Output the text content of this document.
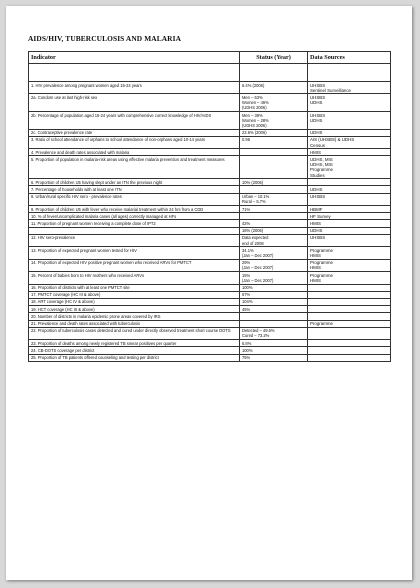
AIDS/HIV, TUBERCULOSIS AND MALARIA
Indicator	Status (Year)	Data Sources

1. HIV prevalence among pregnant women aged 15-24 years	6.4% (2006)	UHSBS
Sentinel Surveillance

2a. Condom use at last high-risk sex	Men – 53%
Women – 46%
(UDHS 2006)	UHSBS
UDHS

2b. Percentage of population aged 15-24 years with comprehensive correct knowledge of HIV/AIDS	Men – 39%
Women – 28%
(UDHS 2006)	UHSBS
UDHS

2c. Contraceptive prevalence rate	23.6% (2006)	UDHS

3. Ratio of school attendance of orphans to school attendance of non-orphans aged 10-14 years	0.96	AIS (UHSBS) & UDHS
Census

4. Prevalence and death rates associated with malaria		HMIS

5. Proportion of population in malaria-risk areas using effective malaria prevention and treatment measures		UDHS, MIS
UDHS, MIS
Programme
Studies

6. Proportion of children U5 having slept under an ITN the previous night	10% (2006)	

7. Percentage of households with at least one ITN		UDHS

8. Urban/rural specific HIV sero - prevalence rates	Urban – 10.1%
Rural – 5.7%	UHSBS

9. Proportion of children U5 with fever who receive malarial treatment within 24 hrs from a CDD	71%	HBMF

10. % of fever/uncomplicated malaria cases (all ages) correctly managed at HFs		HF Survey

11. Proportion of pregnant women receiving a complete dose of IPT2	42%	HMIS

	16% (2006)	UDHS

12. HIV sero-prevalence	Data expected
end of 2008	UHSBS

13. Proportion of expected pregnant women tested for HIV	34.1%
(Jan – Dec 2007)	Programme
HMIS

14. Proportion of expected HIV positive pregnant women who received ARVs for PMTCT	29%
(Jan – Dec 2007)	Programme
HMIS

15. Percent of babies born to HIV mothers who received ARVs	15%
(Jan – Dec 2007)	Programme
HMIS

16. Proportion of districts with at least one PMTCT site	100%	

17. PMTCT coverage (HC III & above)	67%	

18. ART coverage (HC IV & above)	104%	

19. HCT coverage (HC III & above)	45%	

20. Number of districts in malaria epidemic prone areas covered by IRS	

21. Prevalence and death rates associated with tuberculosis		Programme

22. Proportion of tuberculosis cases detected and cured under directly observed treatment short course DOTS	Detected – 49.6%
Cured – 73.2%	

23. Proportion of deaths among newly registered TB smear positives per quarter	6.8%	

24. CB-DOTS coverage per district	100%	

25. Proportion of TB patients offered counseling and testing per district	75%	
